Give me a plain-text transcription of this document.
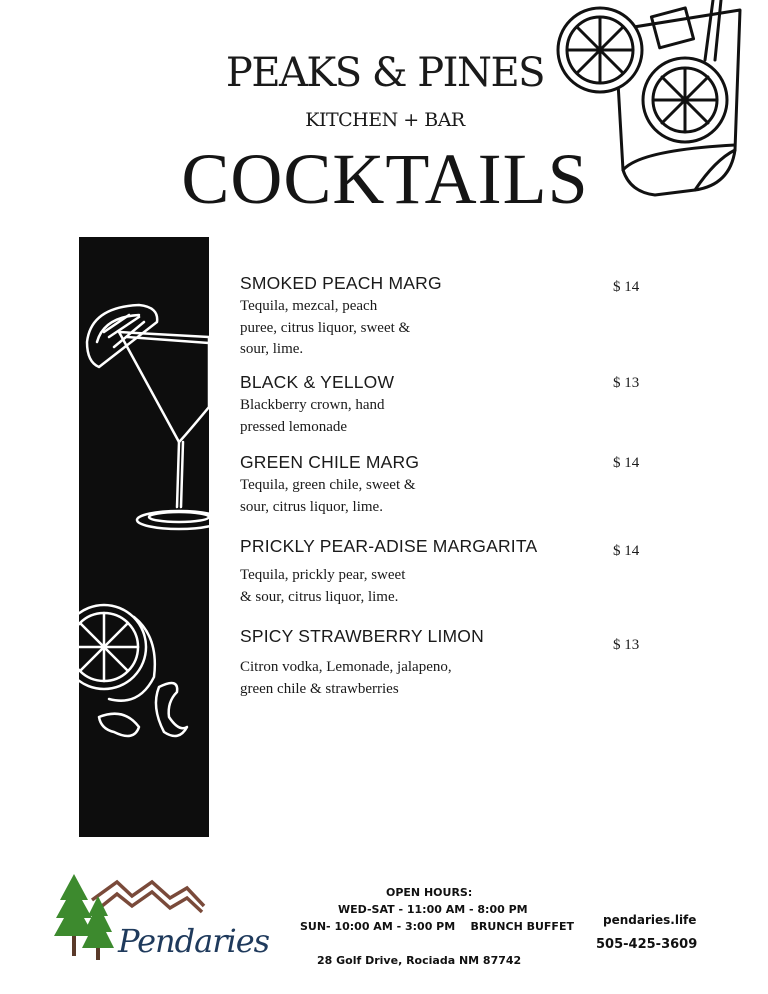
PEAKS & PINES
KITCHEN + BAR
COCKTAILS
SMOKED PEACH MARG
Tequila, mezcal, peach
puree, citrus liquor, sweet &
sour, lime.
$ 14
BLACK & YELLOW
Blackberry crown, hand
pressed lemonade
$ 13
GREEN CHILE MARG
Tequila, green chile, sweet &
sour, citrus liquor, lime.
$ 14
PRICKLY PEAR-ADISE MARGARITA
Tequila, prickly pear, sweet
& sour, citrus liquor, lime.
$ 14
SPICY STRAWBERRY LIMON
Citron vodka, Lemonade, jalapeno,
green chile & strawberries
$ 13
Pendaries
OPEN HOURS:
WED-SAT - 11:00 AM - 8:00 PM
SUN- 10:00 AM - 3:00 PM    BRUNCH BUFFET
28 Golf Drive, Rociada NM 87742
pendaries.life
505-425-3609
